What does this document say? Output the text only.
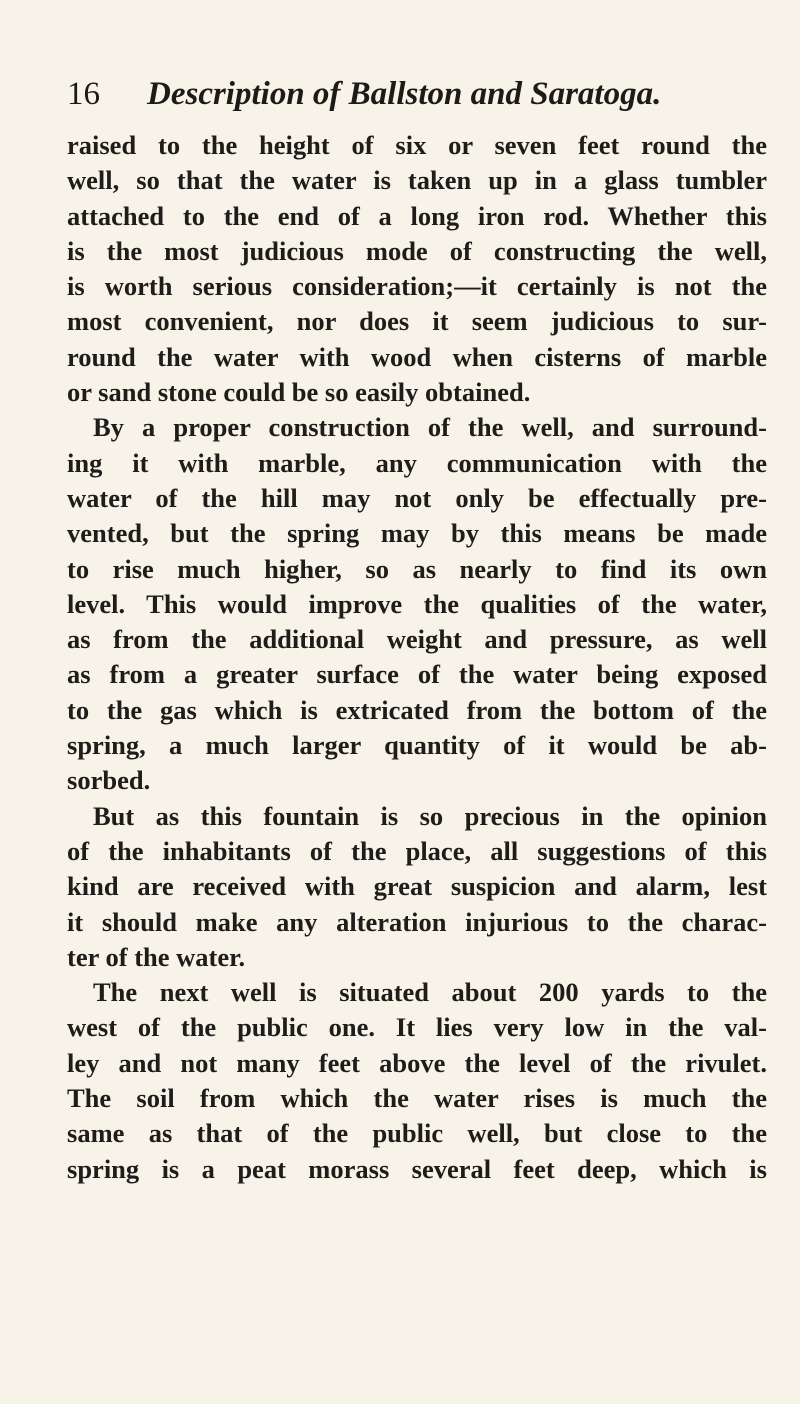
16 Description of Ballston and Saratoga.
raised to the height of six or seven feet round the
well, so that the water is taken up in a glass tumbler
attached to the end of a long iron rod. Whether this
is the most judicious mode of constructing the well,
is worth serious consideration;—it certainly is not the
most convenient, nor does it seem judicious to sur-
round the water with wood when cisterns of marble
or sand stone could be so easily obtained.
By a proper construction of the well, and surround-
ing it with marble, any communication with the
water of the hill may not only be effectually pre-
vented, but the spring may by this means be made
to rise much higher, so as nearly to find its own
level. This would improve the qualities of the water,
as from the additional weight and pressure, as well
as from a greater surface of the water being exposed
to the gas which is extricated from the bottom of the
spring, a much larger quantity of it would be ab-
sorbed.
But as this fountain is so precious in the opinion
of the inhabitants of the place, all suggestions of this
kind are received with great suspicion and alarm, lest
it should make any alteration injurious to the charac-
ter of the water.
The next well is situated about 200 yards to the
west of the public one. It lies very low in the val-
ley and not many feet above the level of the rivulet.
The soil from which the water rises is much the
same as that of the public well, but close to the
spring is a peat morass several feet deep, which is
